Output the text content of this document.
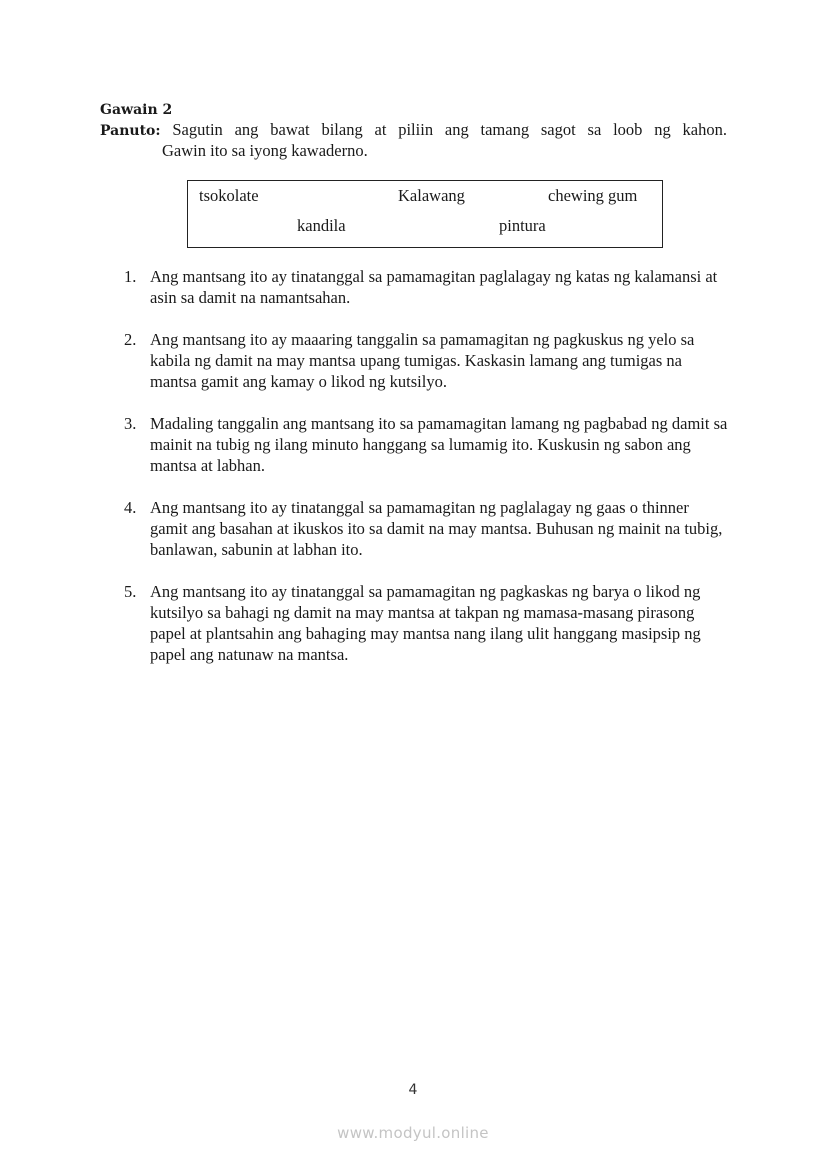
Gawain 2
Panuto: Sagutin ang bawat bilang at piliin ang tamang sagot sa loob ng kahon.
Gawin ito sa iyong kawaderno.
tsokolate	Kalawang	chewing gum
kandila	pintura
1. Ang mantsang ito ay tinatanggal sa pamamagitan paglalagay ng katas ng kalamansi at asin sa damit na namantsahan.
2. Ang mantsang ito ay maaaring tanggalin sa pamamagitan ng pagkuskus ng yelo sa kabila ng damit na may mantsa upang tumigas. Kaskasin lamang ang tumigas na mantsa gamit ang kamay o likod ng kutsilyo.
3. Madaling tanggalin ang mantsang ito sa pamamagitan lamang ng pagbabad ng damit sa mainit na tubig ng ilang minuto hanggang sa lumamig ito. Kuskusin ng sabon ang mantsa at labhan.
4. Ang mantsang ito ay tinatanggal sa pamamagitan ng paglalagay ng gaas o thinner gamit ang basahan at ikuskos ito sa damit na may mantsa. Buhusan ng mainit na tubig, banlawan, sabunin at labhan ito.
5. Ang mantsang ito ay tinatanggal sa pamamagitan ng pagkaskas ng barya o likod ng kutsilyo sa bahagi ng damit na may mantsa at takpan ng mamasa-masang pirasong papel at plantsahin ang bahaging may mantsa nang ilang ulit hanggang masipsip ng papel ang natunaw na mantsa.
4
www.modyul.online
